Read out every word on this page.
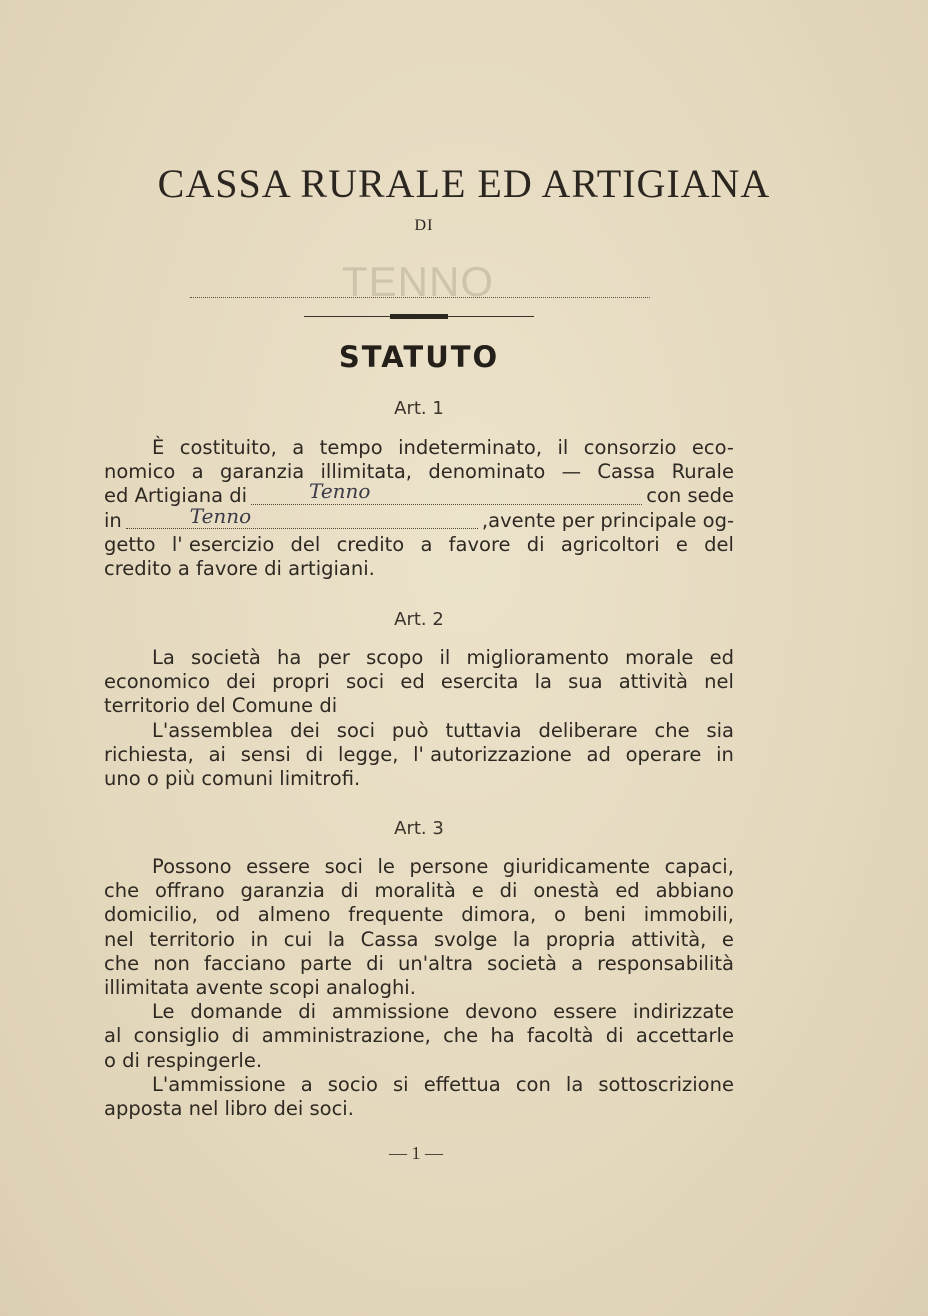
CASSA RURALE ED ARTIGIANA
DI
TENNO
STATUTO
Art. 1
È costituito, a tempo indeterminato, il consorzio eco-
nomico a garanzia illimitata, denominato — Cassa Rurale
ed Artigiana di	Tenno	con sede
in	Tenno	,avente per principale og-
getto l' esercizio del credito a favore di agricoltori e del
credito a favore di artigiani.
Art. 2
La società ha per scopo il miglioramento morale ed
economico dei propri soci ed esercita la sua attività nel
territorio del Comune di
L'assemblea dei soci può tuttavia deliberare che sia
richiesta, ai sensi di legge, l' autorizzazione ad operare in
uno o più comuni limitrofi.
Art. 3
Possono essere soci le persone giuridicamente capaci,
che offrano garanzia di moralità e di onestà ed abbiano
domicilio, od almeno frequente dimora, o beni immobili,
nel territorio in cui la Cassa svolge la propria attività, e
che non facciano parte di un'altra società a responsabilità
illimitata avente scopi analoghi.
Le domande di ammissione devono essere indirizzate
al consiglio di amministrazione, che ha facoltà di accettarle
o di respingerle.
L'ammissione a socio si effettua con la sottoscrizione
apposta nel libro dei soci.
— 1 —
